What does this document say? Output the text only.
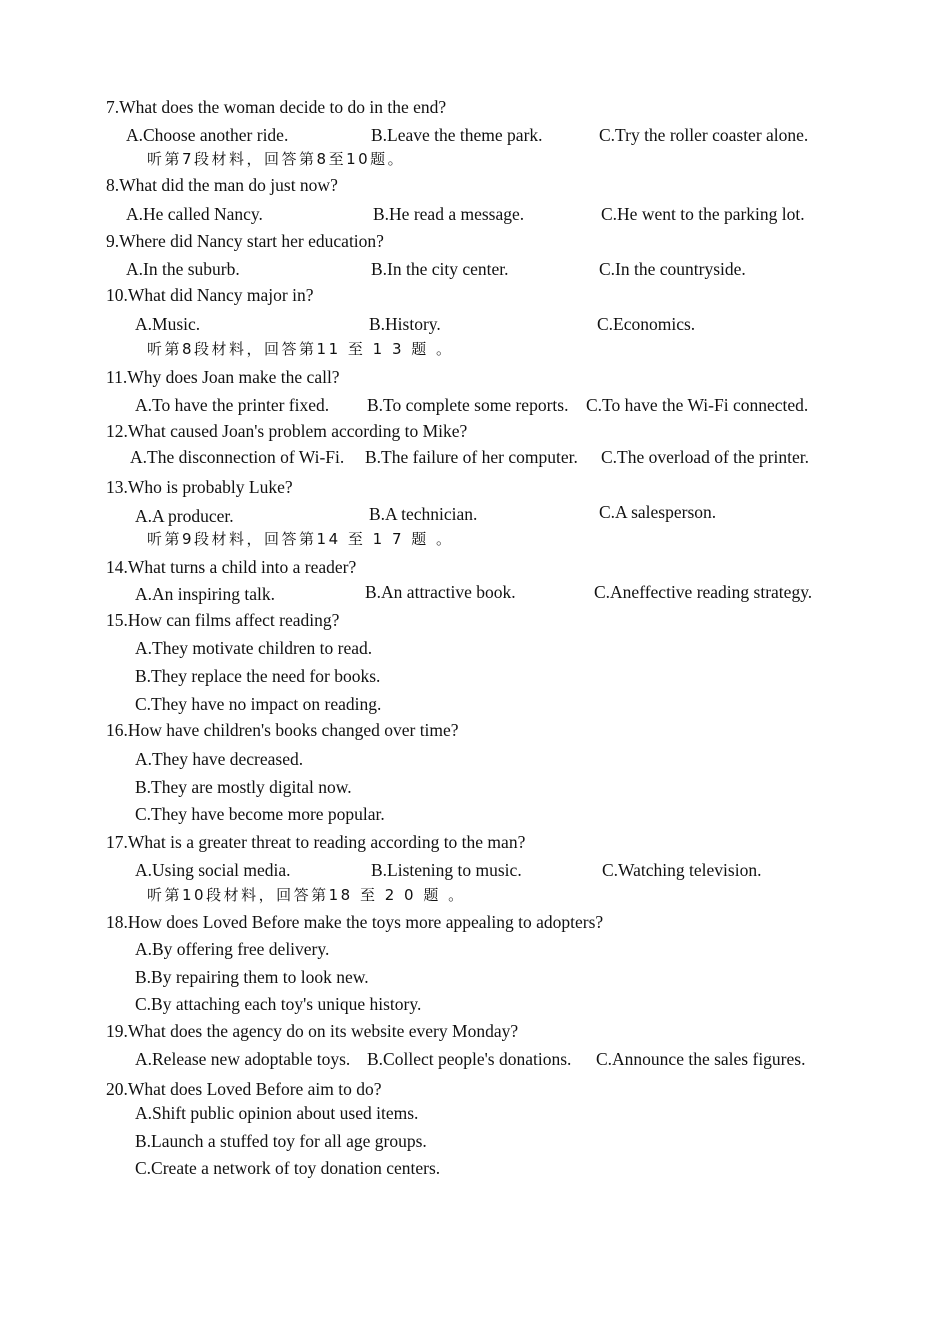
7.What does the woman decide to do in the end?
A.Choose another ride.	B.Leave the theme park.	C.Try the roller coaster alone.
听第7段材料，回答第8至10题。
8.What did the man do just now?
A.He called Nancy.	B.He read a message.	C.He went to the parking lot.
9.Where did Nancy start her education?
A.In the suburb.	B.In the city center.	C.In the countryside.
10.What did Nancy major in?
A.Music.	B.History.	C.Economics.
听第8段材料，回答第11 至 1 3 题 。
11.Why does Joan make the call?
A.To have the printer fixed. B.To complete some reports. C.To have the Wi-Fi connected.
12.What caused Joan's problem according to Mike?
A.The disconnection of Wi-Fi. B.The failure of her computer. C.The overload of the printer.
13.Who is probably Luke?
A.A producer.	B.A technician.	C.A salesperson.
听第9段材料，回答第14 至 1 7 题 。
14.What turns a child into a reader?
A.An inspiring talk.	B.An attractive book.	C.Aneffective reading strategy.
15.How can films affect reading?
A.They motivate children to read.
B.They replace the need for books.
C.They have no impact on reading.
16.How have children's books changed over time?
A.They have decreased.
B.They are mostly digital now.
C.They have become more popular.
17.What is a greater threat to reading according to the man?
A.Using social media.	B.Listening to music.	C.Watching television.
听第10段材料，回答第18 至 2 0 题 。
18.How does Loved Before make the toys more appealing to adopters?
A.By offering free delivery.
B.By repairing them to look new.
C.By attaching each toy's unique history.
19.What does the agency do on its website every Monday?
A.Release new adoptable toys. B.Collect people's donations. C.Announce the sales figures.
20.What does Loved Before aim to do?
A.Shift public opinion about used items.
B.Launch a stuffed toy for all age groups.
C.Create a network of toy donation centers.
